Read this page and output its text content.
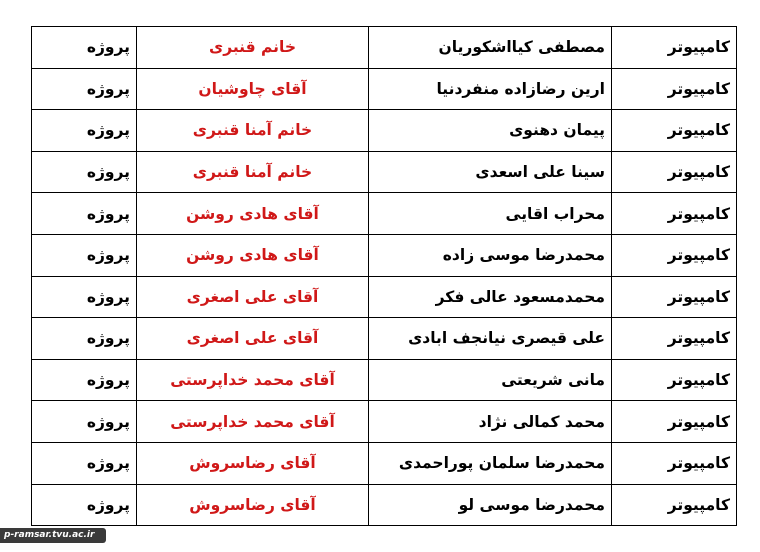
کامپیوتر	مصطفی کیااشکوریان	خانم قنبری	پروژه
کامپیوتر	ارین رضازاده منفردنیا	آقای چاوشیان	پروژه
کامپیوتر	پیمان دهنوی	خانم آمنا قنبری	پروژه
کامپیوتر	سینا علی اسعدی	خانم آمنا قنبری	پروژه
کامپیوتر	محراب اقایی	آقای هادی روشن	پروژه
کامپیوتر	محمدرضا موسی زاده	آقای هادی روشن	پروژه
کامپیوتر	محمدمسعود عالی فکر	آقای علی اصغری	پروژه
کامپیوتر	علی قیصری نیانجف ابادی	آقای علی اصغری	پروژه
کامپیوتر	مانی شریعتی	آقای محمد خداپرستی	پروژه
کامپیوتر	محمد کمالی نژاد	آقای محمد خداپرستی	پروژه
کامپیوتر	محمدرضا سلمان پوراحمدی	آقای رضاسروش	پروژه
کامپیوتر	محمدرضا موسی لو	آقای رضاسروش	پروژه
p-ramsar.tvu.ac.ir
